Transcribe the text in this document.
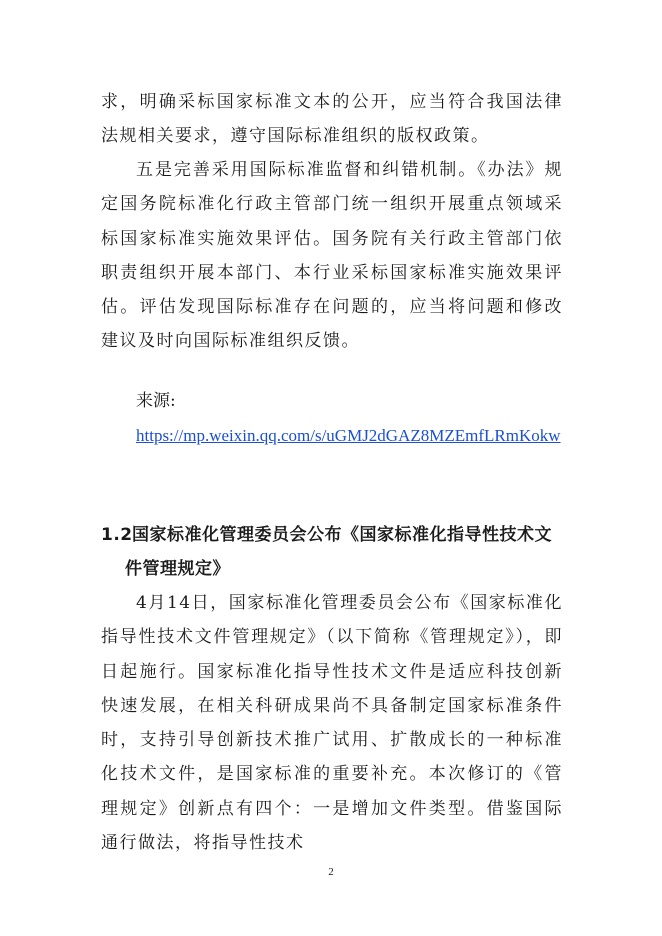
求，明确采标国家标准文本的公开，应当符合我国法律法规相关要求，遵守国际标准组织的版权政策。

五是完善采用国际标准监督和纠错机制。《办法》规定国务院标准化行政主管部门统一组织开展重点领域采标国家标准实施效果评估。国务院有关行政主管部门依职责组织开展本部门、本行业采标国家标准实施效果评估。评估发现国际标准存在问题的，应当将问题和修改建议及时向国际标准组织反馈。

来源:

https://mp.weixin.qq.com/s/uGMJ2dGAZ8MZEmfLRmKokw
1.2国家标准化管理委员会公布《国家标准化指导性技术文件管理规定》

4月14日，国家标准化管理委员会公布《国家标准化指导性技术文件管理规定》（以下简称《管理规定》），即日起施行。国家标准化指导性技术文件是适应科技创新快速发展，在相关科研成果尚不具备制定国家标准条件时，支持引导创新技术推广试用、扩散成长的一种标准化技术文件，是国家标准的重要补充。本次修订的《管理规定》创新点有四个：一是增加文件类型。借鉴国际通行做法，将指导性技术

2
